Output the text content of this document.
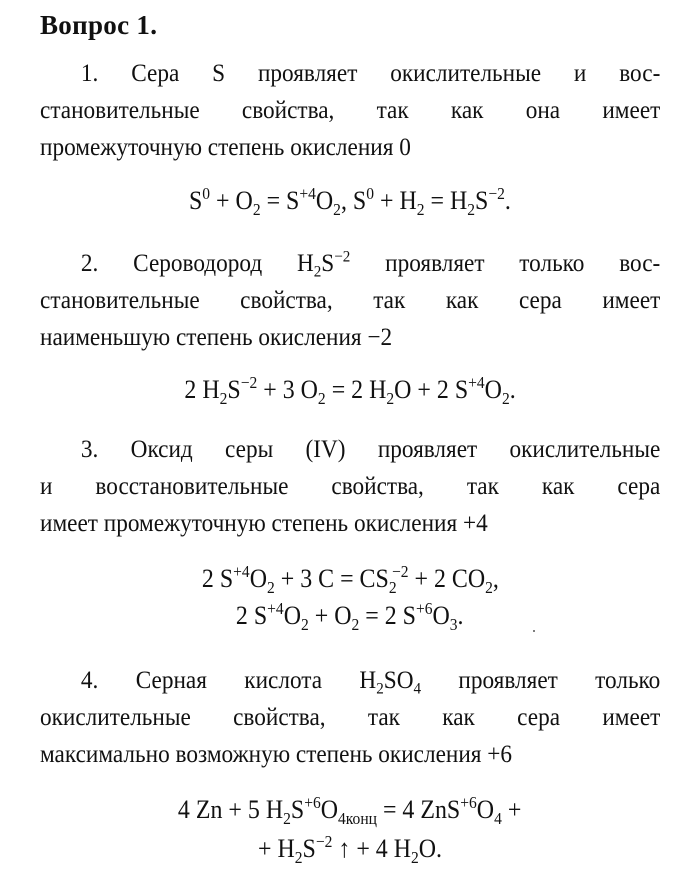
Вопрос 1.
1. Сера S проявляет окислительные и вос-
становительные свойства, так как она имеет
промежуточную степень окисления 0
$S^0 + O_2 = S^{+4}O_2$, $S^0 + H_2 = H_2S^{-2}$.
2. Сероводород $H_2S^{-2}$ проявляет только вос-
становительные свойства, так как сера имеет
наименьшую степень окисления −2
2 $H_2S^{-2} + 3$ $O_2 = 2$ $H_2O + 2$ $S^{+4}O_2$.
3. Оксид серы (IV) проявляет окислительные
и восстановительные свойства, так как сера
имеет промежуточную степень окисления +4
2 $S^{+4}O_2 + 3$ $C = CS_2^{-2} + 2$ $CO_2$,
2 $S^{+4}O_2 + O_2 = 2$ $S^{+6}O_3$.
4. Серная кислота $H_2SO_4$ проявляет только
окислительные свойства, так как сера имеет
максимально возможную степень окисления +6
4 Zn + 5 $H_2S^{+6}O_{4конц} = 4$ $ZnS^{+6}O_4$ +
+ $H_2S^{-2}$ ↑ + 4 $H_2O$.
